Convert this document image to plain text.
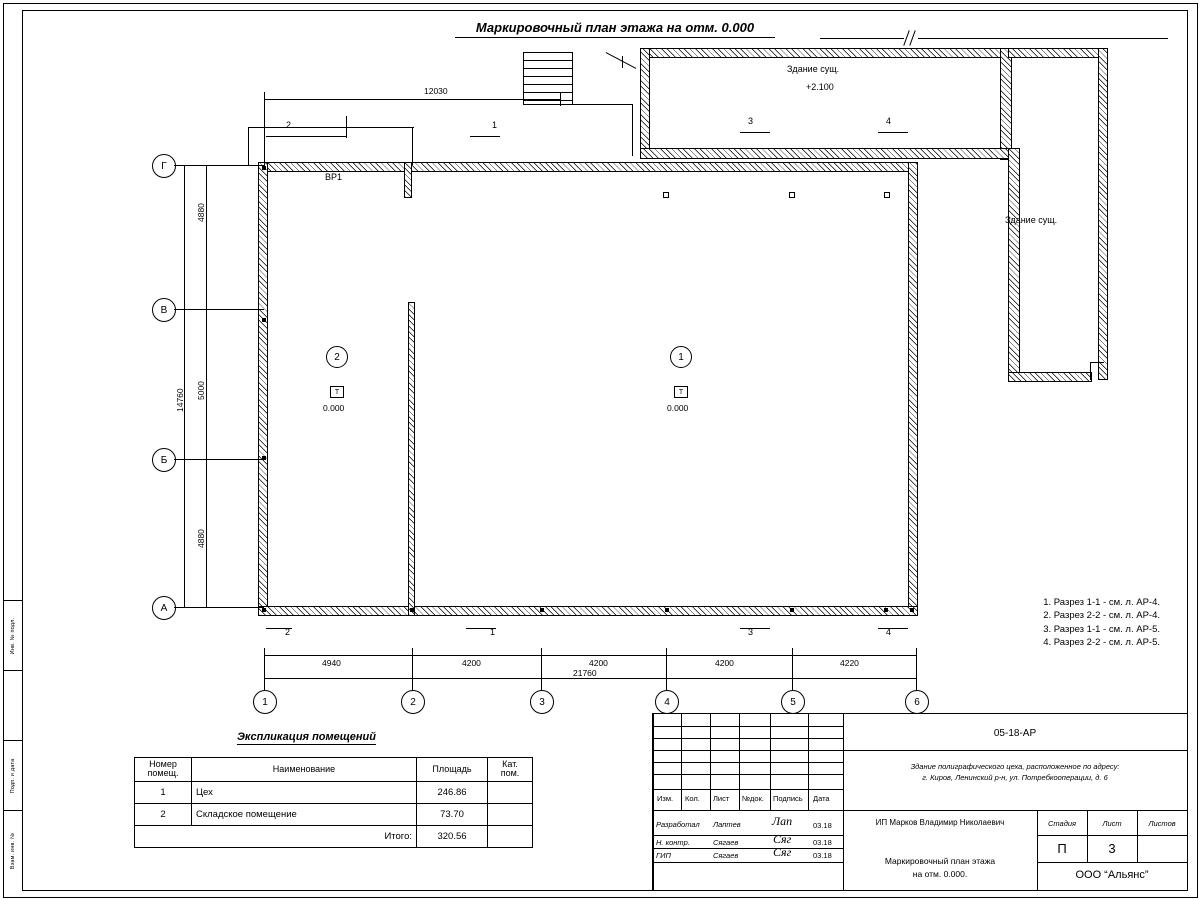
Инв. № подл.
Подп. и дата
Взам. инв. №
Маркировочный план этажа на отм. 0.000
Здание сущ.
+2.100
Здание сущ.
BP1
2
Т
0.000
1
Т
0.000
Г
В
Б
А
1	2	3	4	5	6
4940	4200	4200	4200	4220
21760
4880
5000
4880
14760
12030
2	1	3	4
2	1	3	4
1. Разрез 1-1 - см. л. АР-4.
2. Разрез 2-2 - см. л. АР-4.
3. Разрез 1-1 - см. л. АР-5.
4. Разрез 2-2 - см. л. АР-5.
Экспликация помещений
Номер помещ.	Наименование	Площадь	Кат. пом.
1	Цех	246.86	
2	Складское помещение	73.70	
Итого:		320.56	
Изм. Кол. Лист №док. Подпись Дата
Разработал Лаптев	Лап	03.18
Н. контр.	Сягаев	Сяг	03.18
ГИП	Сягаев	Сяг	03.18
05-18-АР
Здание полиграфического цеха, расположенное по адресу:
г. Киров, Ленинский р-н, ул. Потребкооперации, д. 6
ИП Марков Владимир Николаевич
Маркировочный план этажа
на отм. 0.000.
Стадия	Лист	Листов
П	3
ООО “Альянс”
